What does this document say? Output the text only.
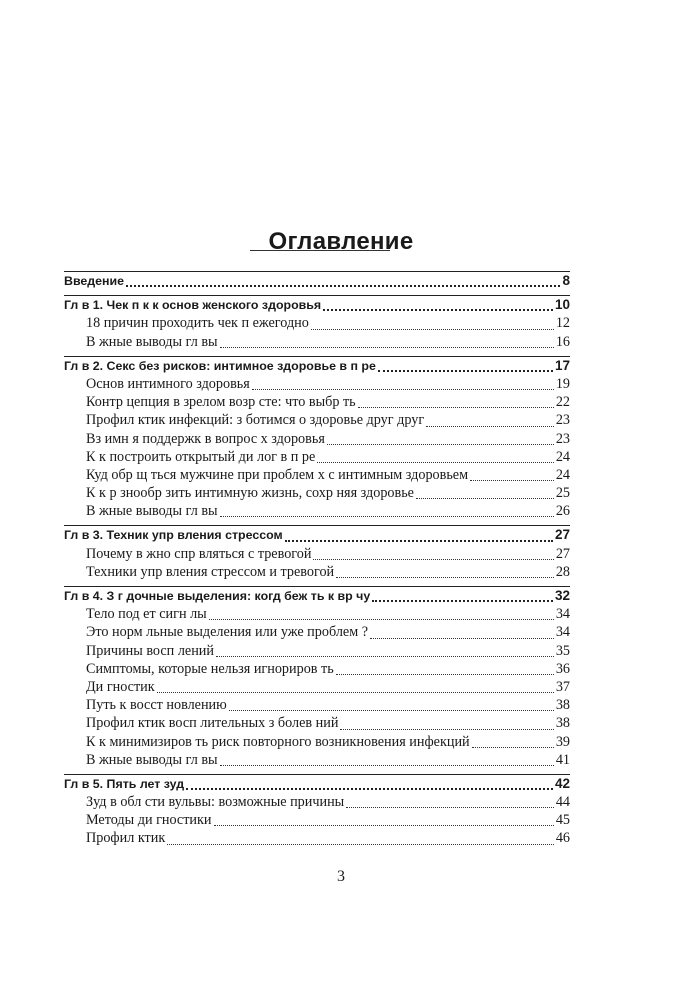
Оглавление
Введение	8
Гл в 1. Чек п к к основ женского здоровья	10
18 причин проходить чек п ежегодно	12
В жные выводы гл вы	16
Гл в 2. Секс без рисков: интимное здоровье в п ре	17
Основ интимного здоровья	19
Контр цепция в зрелом возр сте: что выбр ть	22
Профил ктик инфекций: з ботимся о здоровье друг друг	23
Вз имн я поддержк в вопрос х здоровья	23
К к построить открытый ди лог в п ре	24
Куд обр щ ться мужчине при проблем х с интимным здоровьем	24
К к р знообр зить интимную жизнь, сохр няя здоровье	25
В жные выводы гл вы	26
Гл в 3. Техник упр вления стрессом	27
Почему в жно спр вляться с тревогой	27
Техники упр вления стрессом и тревогой	28
Гл в 4. З г дочные выделения: когд беж ть к вр чу	32
Тело под ет сигн лы	34
Это норм льные выделения или уже проблем ?	34
Причины восп лений	35
Симптомы, которые нельзя игнориров ть	36
Ди гностик	37
Путь к восст новлению	38
Профил ктик восп лительных з болев ний	38
К к минимизиров ть риск повторного возникновения инфекций	39
В жные выводы гл вы	41
Гл в 5. Пять лет зуд	42
Зуд в обл сти вульвы: возможные причины	44
Методы ди гностики	45
Профил ктик	46
3
